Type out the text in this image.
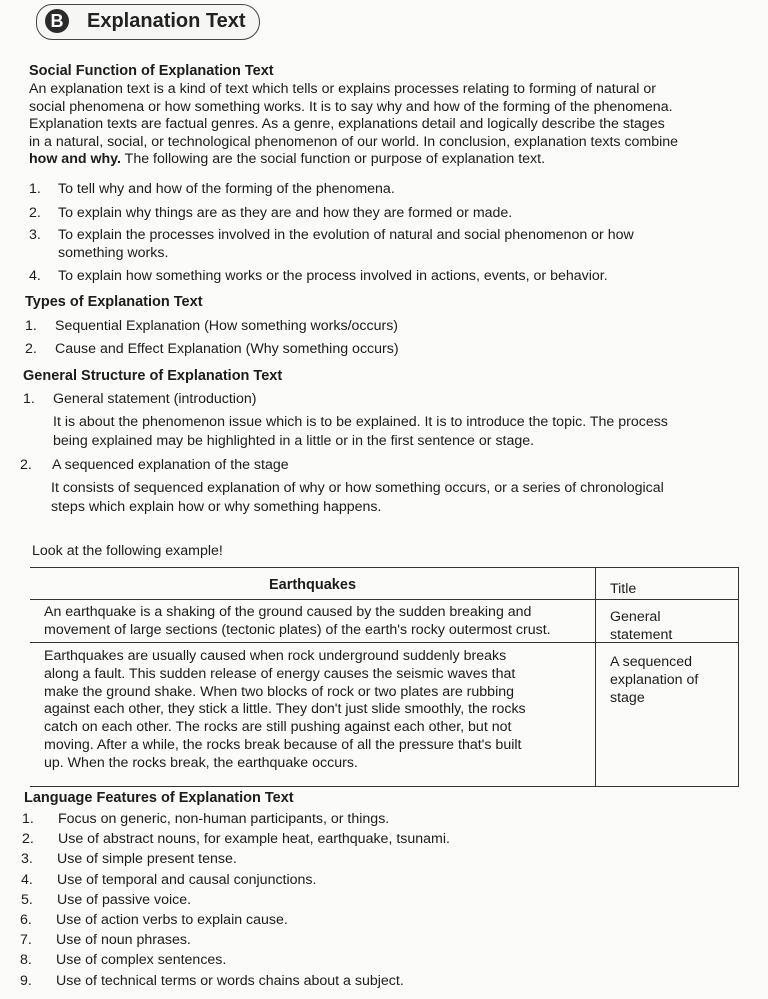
B Explanation Text
Social Function of Explanation Text
An explanation text is a kind of text which tells or explains processes relating to forming of natural or
social phenomena or how something works. It is to say why and how of the forming of the phenomena.
Explanation texts are factual genres. As a genre, explanations detail and logically describe the stages
in a natural, social, or technological phenomenon of our world. In conclusion, explanation texts combine
how and why. The following are the social function or purpose of explanation text.
1. To tell why and how of the forming of the phenomena.
2. To explain why things are as they are and how they are formed or made.
3. To explain the processes involved in the evolution of natural and social phenomenon or how
something works.
4. To explain how something works or the process involved in actions, events, or behavior.
Types of Explanation Text
1. Sequential Explanation (How something works/occurs)
2. Cause and Effect Explanation (Why something occurs)
General Structure of Explanation Text
1. General statement (introduction)
It is about the phenomenon issue which is to be explained. It is to introduce the topic. The process
being explained may be highlighted in a little or in the first sentence or stage.
2. A sequenced explanation of the stage
It consists of sequenced explanation of why or how something occurs, or a series of chronological
steps which explain how or why something happens.
Look at the following example!
Earthquakes	Title
An earthquake is a shaking of the ground caused by the sudden breaking and
movement of large sections (tectonic plates) of the earth's rocky outermost crust.
General
statement
Earthquakes are usually caused when rock underground suddenly breaks
along a fault. This sudden release of energy causes the seismic waves that
make the ground shake. When two blocks of rock or two plates are rubbing
against each other, they stick a little. They don't just slide smoothly, the rocks
catch on each other. The rocks are still pushing against each other, but not
moving. After a while, the rocks break because of all the pressure that's built
up. When the rocks break, the earthquake occurs.
A sequenced
explanation of
stage
Language Features of Explanation Text
1. Focus on generic, non-human participants, or things.
2. Use of abstract nouns, for example heat, earthquake, tsunami.
3. Use of simple present tense.
4. Use of temporal and causal conjunctions.
5. Use of passive voice.
6. Use of action verbs to explain cause.
7. Use of noun phrases.
8. Use of complex sentences.
9. Use of technical terms or words chains about a subject.
